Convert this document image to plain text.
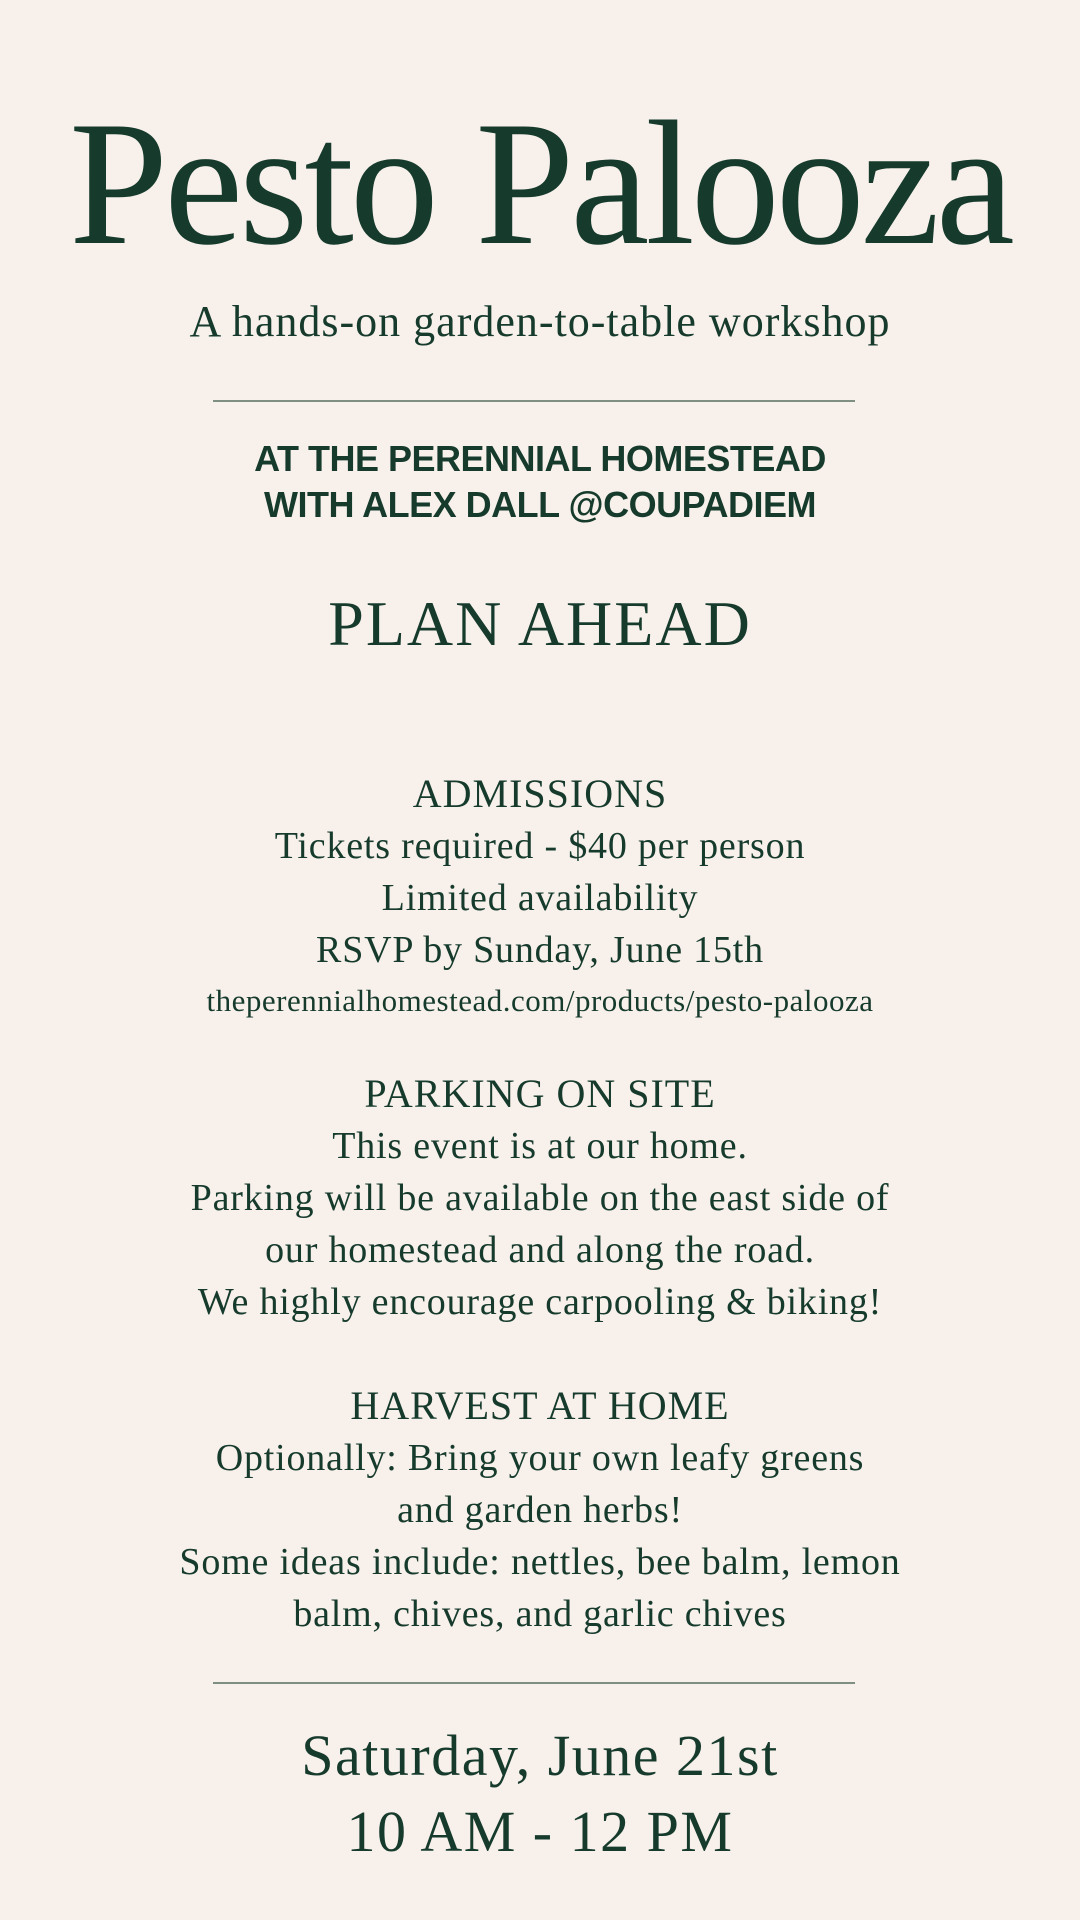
Pesto Palooza

A hands-on garden-to-table workshop

AT THE PERENNIAL HOMESTEAD
WITH ALEX DALL @COUPADIEM
PLAN AHEAD
ADMISSIONS
Tickets required - $40 per person
Limited availability
RSVP by Sunday, June 15th
theperennialhomestead.com/products/pesto-palooza
PARKING ON SITE
This event is at our home.
Parking will be available on the east side of
our homestead and along the road.
We highly encourage carpooling & biking!
HARVEST AT HOME
Optionally: Bring your own leafy greens
and garden herbs!
Some ideas include: nettles, bee balm, lemon
balm, chives, and garlic chives
Saturday, June 21st
10 AM - 12 PM
